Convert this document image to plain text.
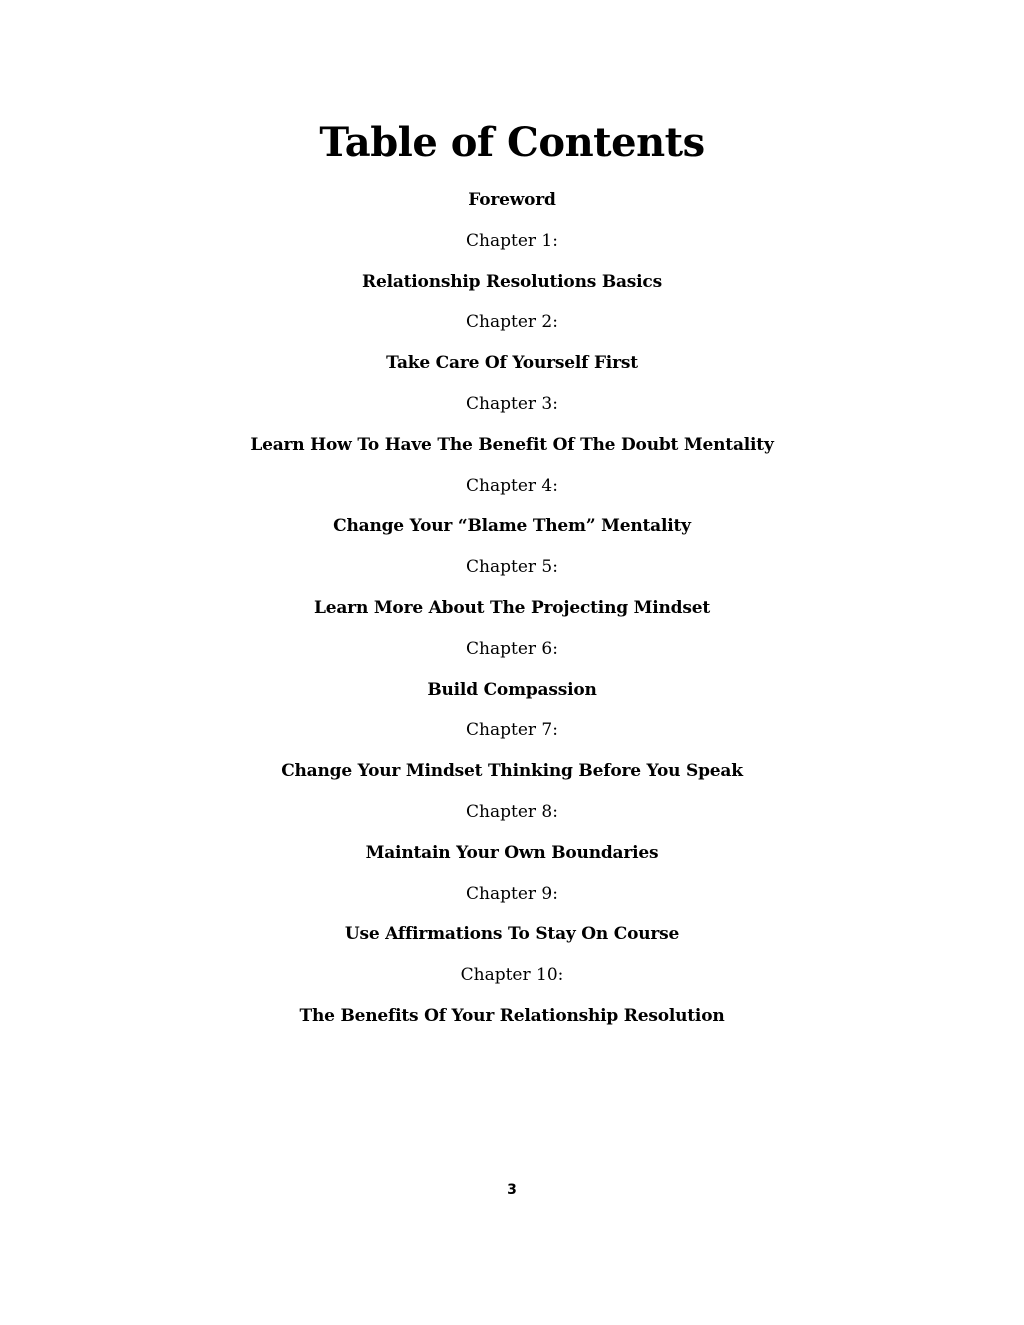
Table of Contents
Foreword
Chapter 1:
Relationship Resolutions Basics
Chapter 2:
Take Care Of Yourself First
Chapter 3:
Learn How To Have The Benefit Of The Doubt Mentality
Chapter 4:
Change Your “Blame Them” Mentality
Chapter 5:
Learn More About The Projecting Mindset
Chapter 6:
Build Compassion
Chapter 7:
Change Your Mindset Thinking Before You Speak
Chapter 8:
Maintain Your Own Boundaries
Chapter 9:
Use Affirmations To Stay On Course
Chapter 10:
The Benefits Of Your Relationship Resolution
3
